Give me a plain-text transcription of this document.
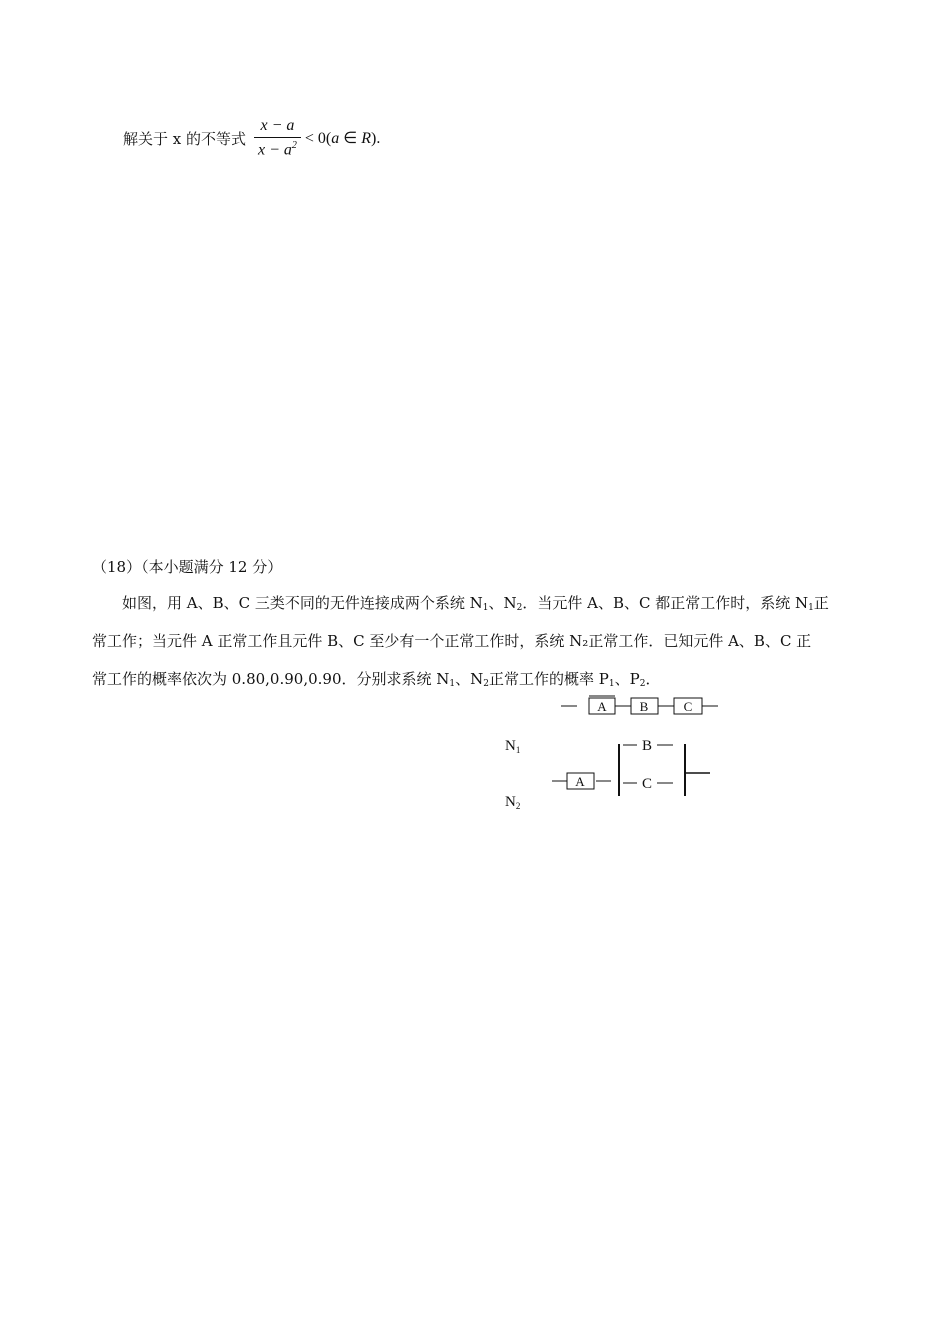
解关于 x 的不等式 $\frac{x - a}{x - a^2} < 0(a$ ∈ R).
（18）（本小题满分 12 分）
　　如图，用 A、B、C 三类不同的无件连接成两个系统 $N_1$、$N_2$．当元件 A、B、C 都正常工作时，系统 $N_1$正
常工作；当元件 A 正常工作且元件 B、C 至少有一个正常工作时，系统 N₂正常工作．已知元件 A、B、C 正
常工作的概率依次为 0.80,0.90,0.90．分别求系统 $N_1$、$N_2$正常工作的概率 $P_1$、$P_2$．
A	B	C
A
B
C
$N_1$
$N_2$
